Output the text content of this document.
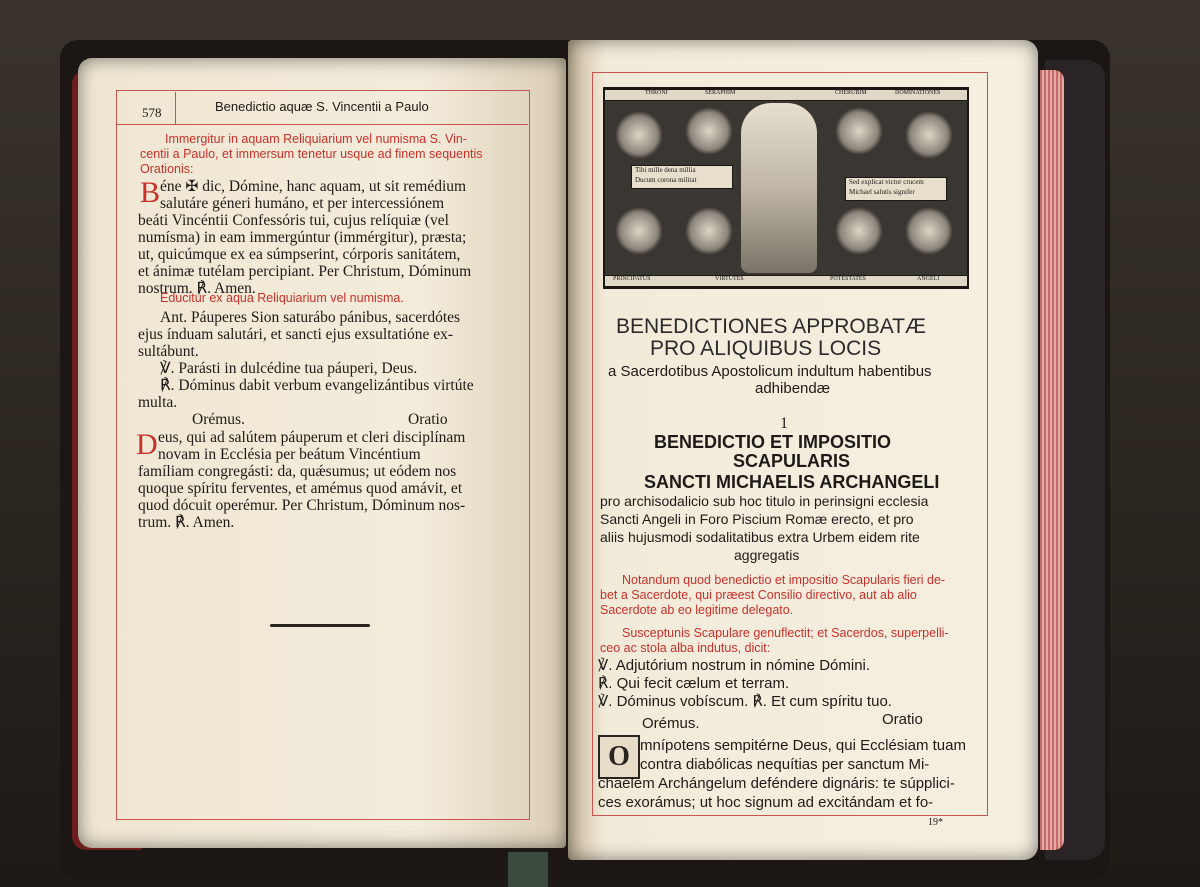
578	Benedictio aquæ S. Vincentii a Paulo
Immergitur in aquam Reliquiarium vel numisma S. Vin-
centii a Paulo, et immersum tenetur usque ad finem sequentis
Orationis:
B éne ✠ dic, Dómine, hanc aquam, ut sit remédium
salutáre géneri humáno, et per intercessiónem
beáti Vincéntii Confessóris tui, cujus relíquiæ (vel
numísma) in eam immergúntur (immérgitur), præsta;
ut, quicúmque ex ea súmpserint, córporis sanitátem,
et ánimæ tutélam percipiant. Per Christum, Dóminum
nostrum. ℟. Amen.
Educitur ex aqua Reliquiarium vel numisma.
Ant. Páuperes Sion saturábo pánibus, sacerdótes
ejus índuam salutári, et sancti ejus exsultatióne ex-
sultábunt.
℣. Parásti in dulcédine tua páuperi, Deus.
℟. Dóminus dabit verbum evangelizántibus virtúte
multa.
Orémus.	Oratio
D eus, qui ad salútem páuperum et cleri disciplínam
novam in Ecclésia per beátum Vincéntium
famíliam congregásti: da, quǽsumus; ut eódem nos
quoque spíritu ferventes, et amémus quod amávit, et
quod dócuit operémur. Per Christum, Dóminum nos-
trum. ℟. Amen.
THRONI	SERAPHIM	CHERUBIM	DOMINATIONES
PRINCIPATUS	VIRTUTES	POTESTATES	ANGELI
Tibi mille dena millia
Ducum corona militat	Sed explicat victor crucem
Michael salutis signifer
BENEDICTIONES APPROBATÆ
PRO ALIQUIBUS LOCIS
a Sacerdotibus Apostolicum indultum habentibus
adhibendæ
1
BENEDICTIO ET IMPOSITIO
SCAPULARIS
SANCTI MICHAELIS ARCHANGELI
pro archisodalicio sub hoc titulo in perinsigni ecclesia
Sancti Angeli in Foro Piscium Romæ erecto, et pro
aliis hujusmodi sodalitatibus extra Urbem eidem rite
aggregatis
Notandum quod benedictio et impositio Scapularis fieri de-
bet a Sacerdote, qui præest Consilio directivo, aut ab alio
Sacerdote ab eo legitime delegato.
Susceptunis Scapulare genuflectit; et Sacerdos, superpelli-
ceo ac stola alba indutus, dicit:
℣. Adjutórium nostrum in nómine Dómini.
℟. Qui fecit cælum et terram.
℣. Dóminus vobíscum. ℟. Et cum spíritu tuo.
Orémus.	Oratio
O mnípotens sempitérne Deus, qui Ecclésiam tuam
contra diabólicas nequítias per sanctum Mi-
chaélem Archángelum deféndere dignáris: te súpplici-
ces exorámus; ut hoc signum ad excitándam et fo-
19*
